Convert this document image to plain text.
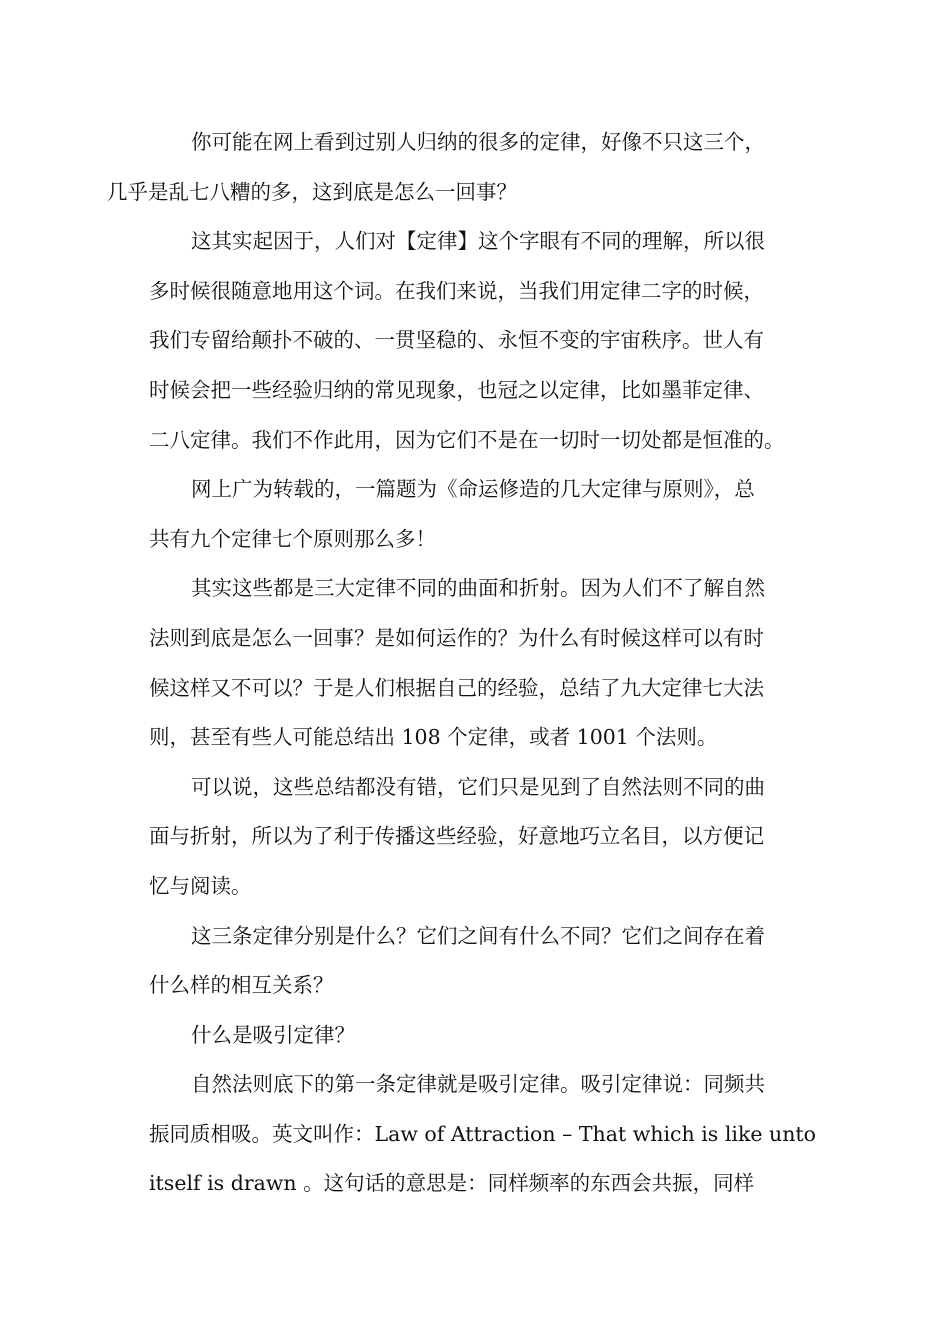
你可能在网上看到过别人归纳的很多的定律，好像不只这三个，
几乎是乱七八糟的多，这到底是怎么一回事？

这其实起因于，人们对【定律】这个字眼有不同的理解，所以很
多时候很随意地用这个词。在我们来说，当我们用定律二字的时候，
我们专留给颠扑不破的、一贯坚稳的、永恒不变的宇宙秩序。世人有
时候会把一些经验归纳的常见现象，也冠之以定律，比如墨菲定律、
二八定律。我们不作此用，因为它们不是在一切时一切处都是恒准的。

网上广为转载的，一篇题为《命运修造的几大定律与原则》，总
共有九个定律七个原则那么多！

其实这些都是三大定律不同的曲面和折射。因为人们不了解自然
法则到底是怎么一回事？是如何运作的？为什么有时候这样可以有时
候这样又不可以？于是人们根据自己的经验，总结了九大定律七大法
则，甚至有些人可能总结出 108 个定律，或者 1001 个法则。

可以说，这些总结都没有错，它们只是见到了自然法则不同的曲
面与折射，所以为了利于传播这些经验，好意地巧立名目，以方便记
忆与阅读。

这三条定律分别是什么？它们之间有什么不同？它们之间存在着
什么样的相互关系？

什么是吸引定律？

自然法则底下的第一条定律就是吸引定律。吸引定律说：同频共
振同质相吸。英文叫作：Law of Attraction – That which is like unto
itself is drawn 。这句话的意思是：同样频率的东西会共振，同样
